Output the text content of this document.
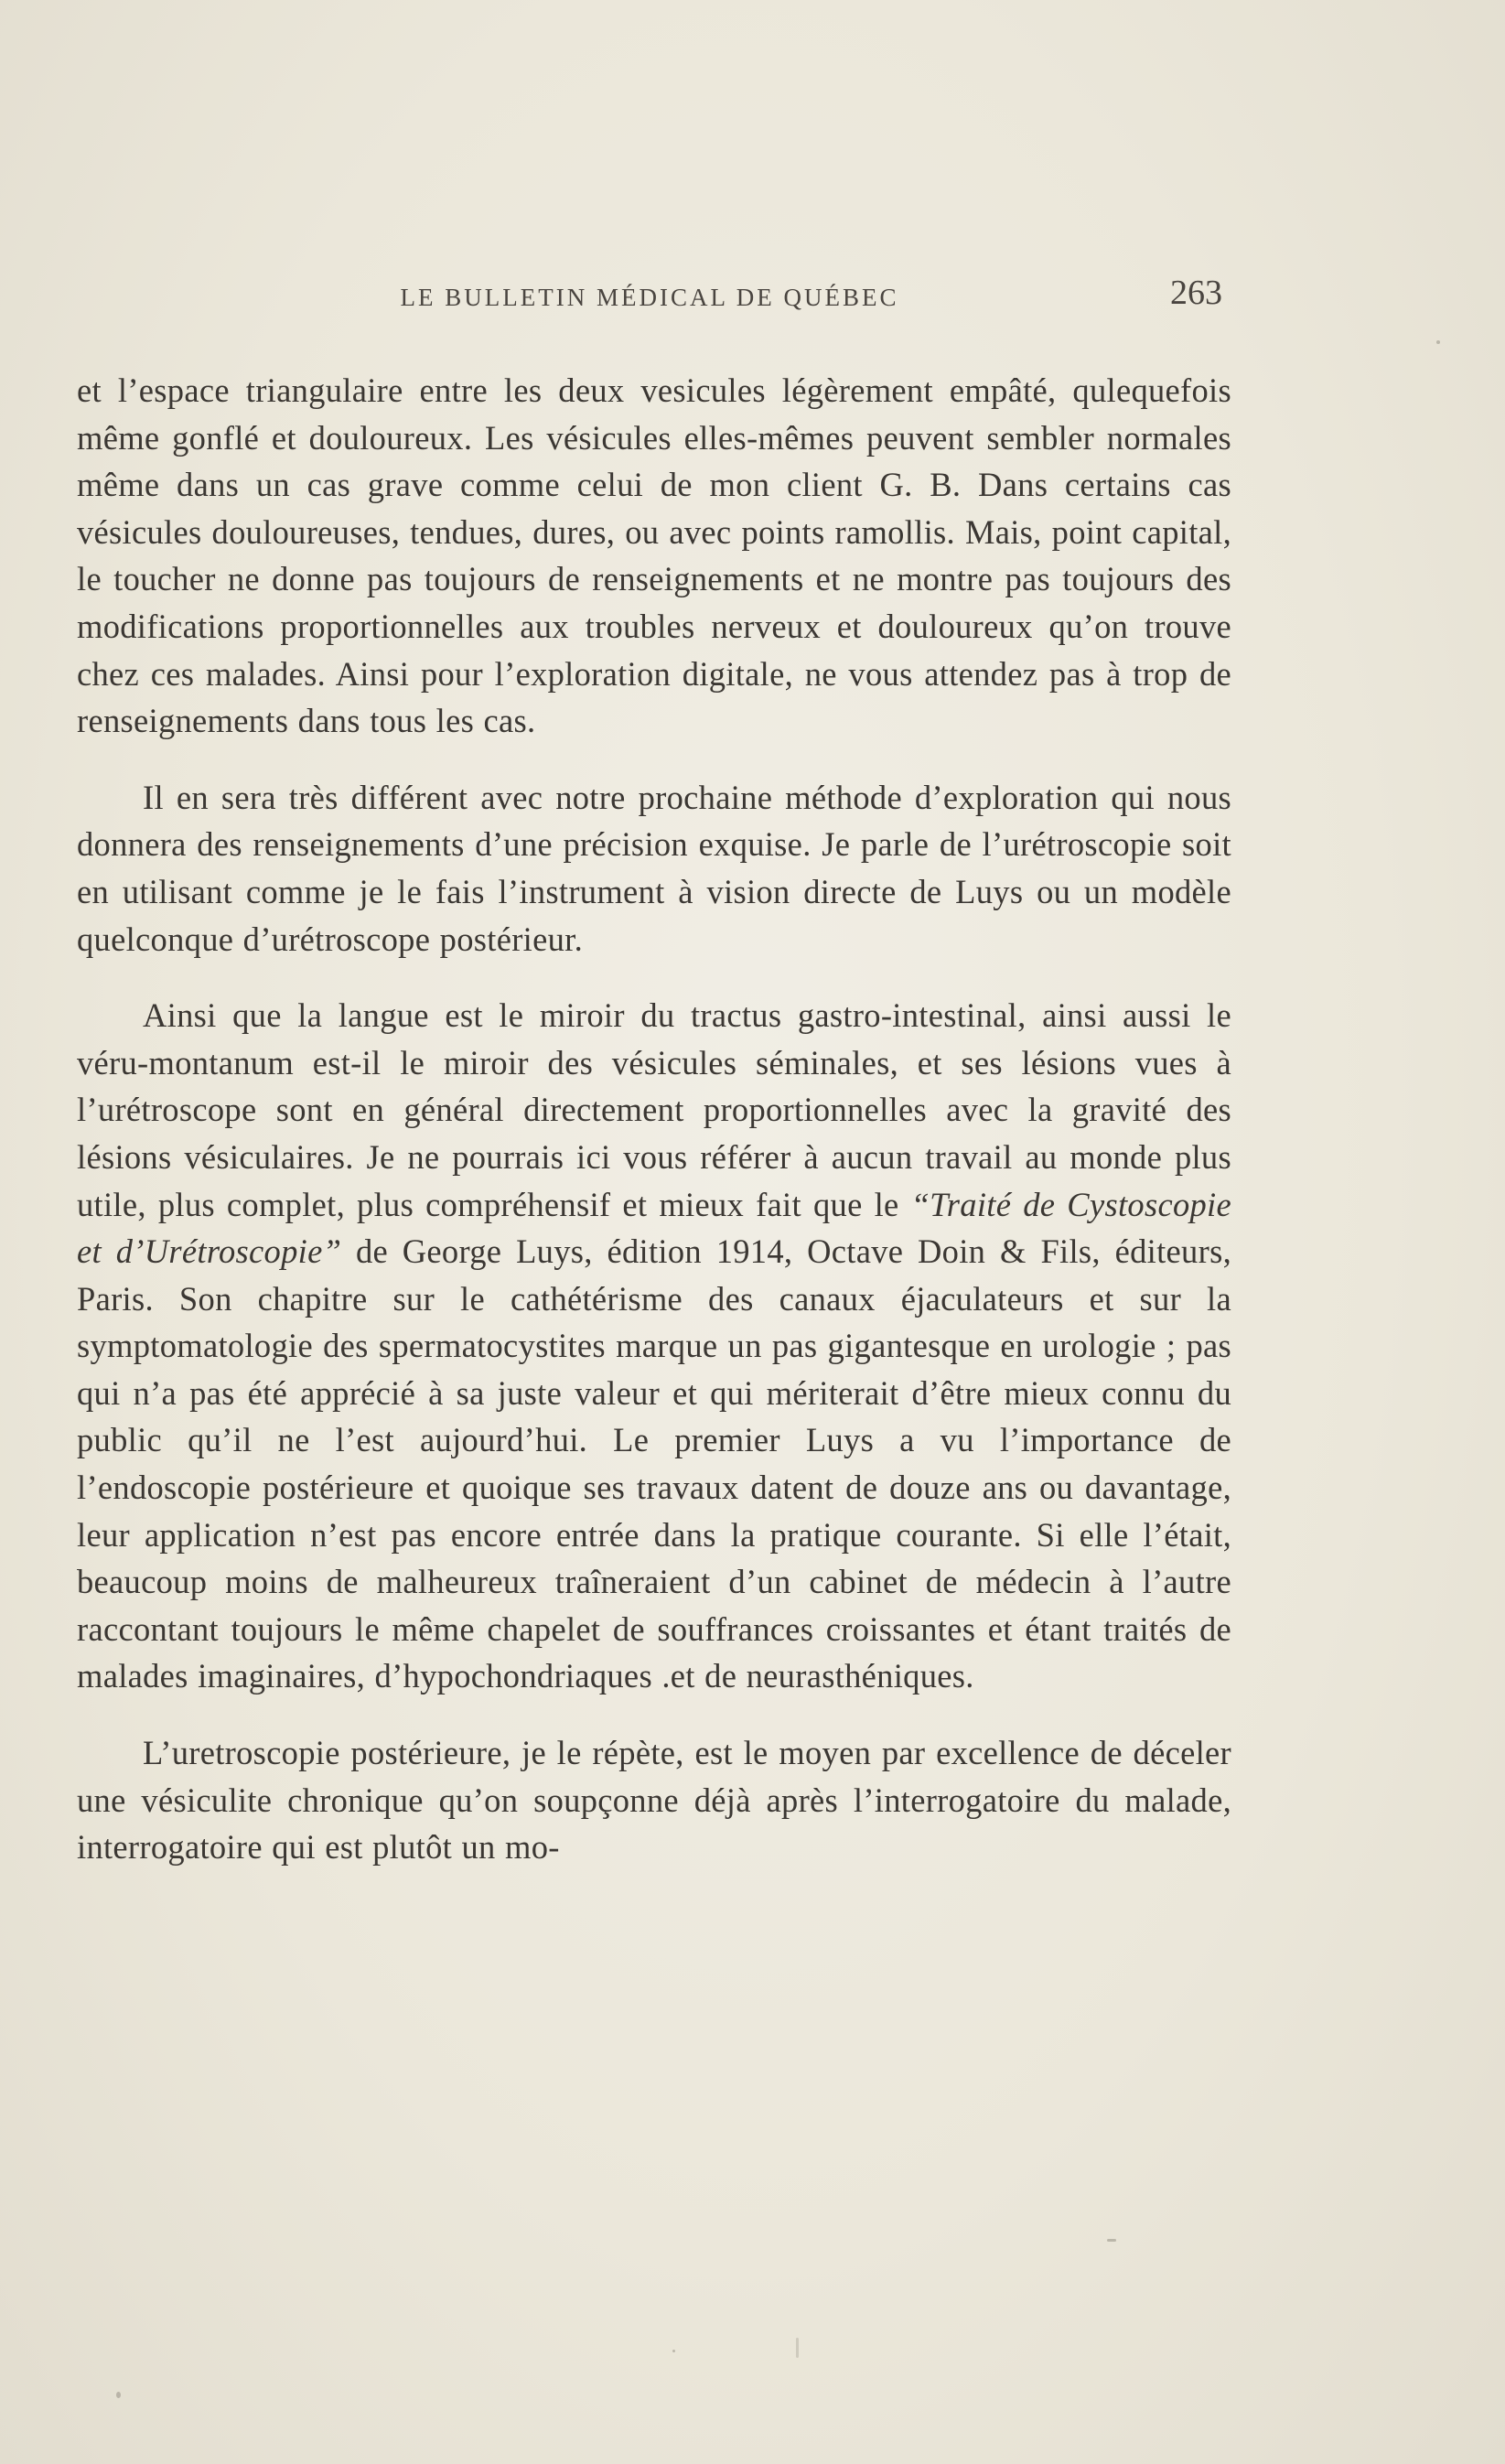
LE BULLETIN MÉDICAL DE QUÉBEC	263

et l’espace triangulaire entre les deux vesicules légèrement empâté, qulequefois même gonflé et douloureux. Les vésicules elles-mêmes peuvent sembler normales même dans un cas grave comme celui de mon client G. B. Dans certains cas vésicules douloureuses, tendues, dures, ou avec points ramollis. Mais, point capital, le toucher ne donne pas toujours de renseignements et ne montre pas toujours des modifications proportionnelles aux troubles nerveux et douloureux qu’on trouve chez ces malades. Ainsi pour l’exploration digitale, ne vous attendez pas à trop de renseignements dans tous les cas.

Il en sera très différent avec notre prochaine méthode d’exploration qui nous donnera des renseignements d’une précision exquise. Je parle de l’urétroscopie soit en utilisant comme je le fais l’instrument à vision directe de Luys ou un modèle quelconque d’urétroscope postérieur.

Ainsi que la langue est le miroir du tractus gastro-intestinal, ainsi aussi le véru-montanum est-il le miroir des vésicules séminales, et ses lésions vues à l’urétroscope sont en général directement proportionnelles avec la gravité des lésions vésiculaires. Je ne pourrais ici vous référer à aucun travail au monde plus utile, plus complet, plus compréhensif et mieux fait que le “Traité de Cystoscopie et d’Urétroscopie” de George Luys, édition 1914, Octave Doin & Fils, éditeurs, Paris. Son chapitre sur le cathétérisme des canaux éjaculateurs et sur la symptomatologie des spermatocystites marque un pas gigantesque en urologie ; pas qui n’a pas été apprécié à sa juste valeur et qui mériterait d’être mieux connu du public qu’il ne l’est aujourd’hui. Le premier Luys a vu l’importance de l’endoscopie postérieure et quoique ses travaux datent de douze ans ou davantage, leur application n’est pas encore entrée dans la pratique courante. Si elle l’était, beaucoup moins de malheureux traîneraient d’un cabinet de médecin à l’autre raccontant toujours le même chapelet de souffrances croissantes et étant traités de malades imaginaires, d’hypochondriaques .et de neurasthéniques.

L’uretroscopie postérieure, je le répète, est le moyen par excellence de déceler une vésiculite chronique qu’on soupçonne déjà après l’interrogatoire du malade, interrogatoire qui est plutôt un mo-
